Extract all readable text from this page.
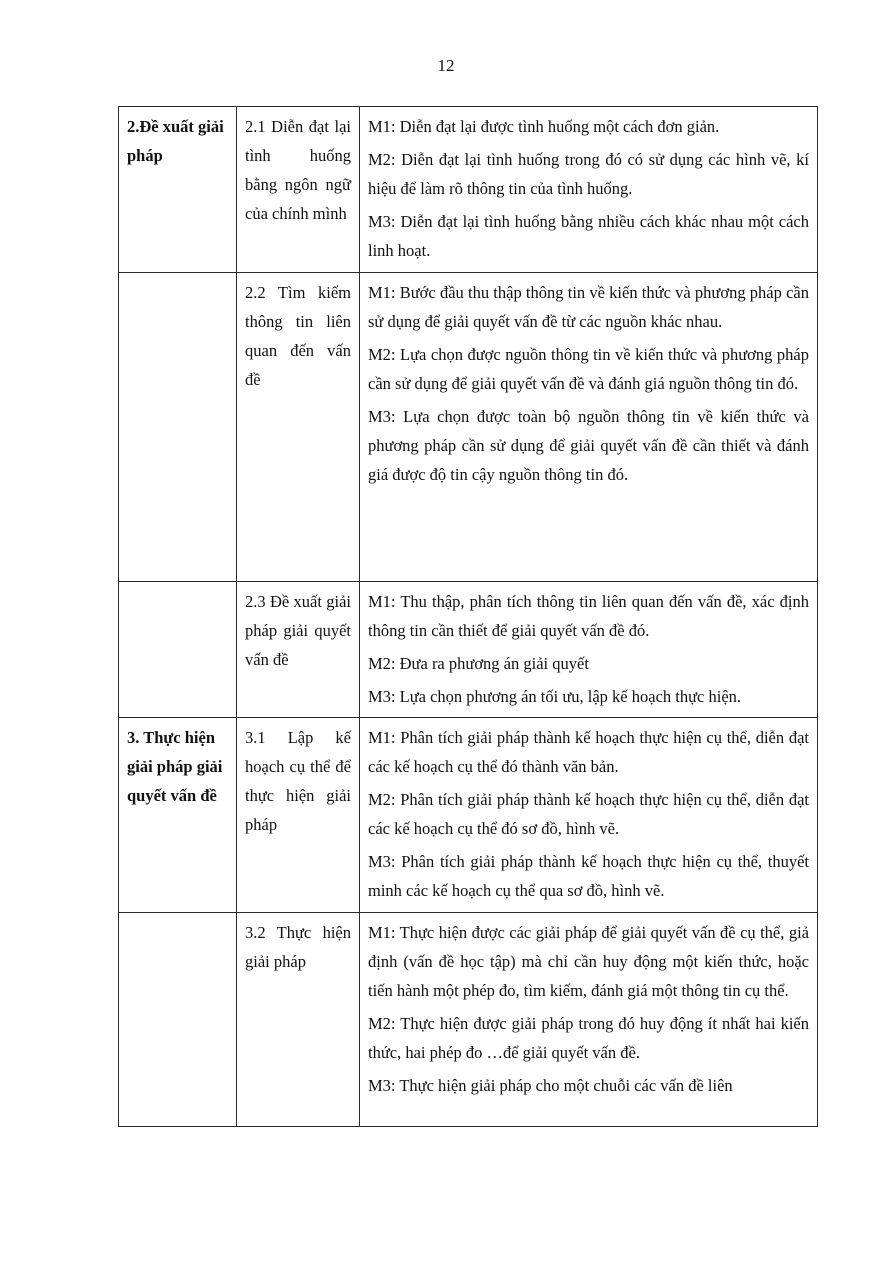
12
2.Đề xuất giải pháp	2.1 Diễn đạt lại tình huống bằng ngôn ngữ của chính mình	M1: Diễn đạt lại được tình huống một cách đơn giản.

M2: Diễn đạt lại tình huống trong đó có sử dụng các hình vẽ, kí hiệu để làm rõ thông tin của tình huống.

M3: Diễn đạt lại tình huống bằng nhiều cách khác nhau một cách linh hoạt.

	2.2 Tìm kiếm thông tin liên quan đến vấn đề	M1: Bước đầu thu thập thông tin về kiến thức và phương pháp cần sử dụng để giải quyết vấn đề từ các nguồn khác nhau.

M2: Lựa chọn được nguồn thông tin về kiến thức và phương pháp cần sử dụng để giải quyết vấn đề và đánh giá nguồn thông tin đó.

M3: Lựa chọn được toàn bộ nguồn thông tin về kiến thức và phương pháp cần sử dụng để giải quyết vấn đề cần thiết và đánh giá được độ tin cậy nguồn thông tin đó.

	2.3 Đề xuất giải pháp giải quyết vấn đề	M1: Thu thập, phân tích thông tin liên quan đến vấn đề, xác định thông tin cần thiết để giải quyết vấn đề đó.

M2: Đưa ra phương án giải quyết

M3: Lựa chọn phương án tối ưu, lập kế hoạch thực hiện.

3. Thực hiện giải pháp giải quyết vấn đề	3.1 Lập kế hoạch cụ thể để thực hiện giải pháp	M1: Phân tích giải pháp thành kế hoạch thực hiện cụ thể, diễn đạt các kế hoạch cụ thể đó thành văn bản.

M2: Phân tích giải pháp thành kế hoạch thực hiện cụ thể, diễn đạt các kế hoạch cụ thể đó sơ đồ, hình vẽ.

M3: Phân tích giải pháp thành kế hoạch thực hiện cụ thể, thuyết minh các kế hoạch cụ thể qua sơ đồ, hình vẽ.

	3.2 Thực hiện giải pháp	M1: Thực hiện được các giải pháp để giải quyết vấn đề cụ thể, giả định (vấn đề học tập) mà chỉ cần huy động một kiến thức, hoặc tiến hành một phép đo, tìm kiếm, đánh giá một thông tin cụ thể.

M2: Thực hiện được giải pháp trong đó huy động ít nhất hai kiến thức, hai phép đo …để giải quyết vấn đề.

M3: Thực hiện giải pháp cho một chuỗi các vấn đề liên
